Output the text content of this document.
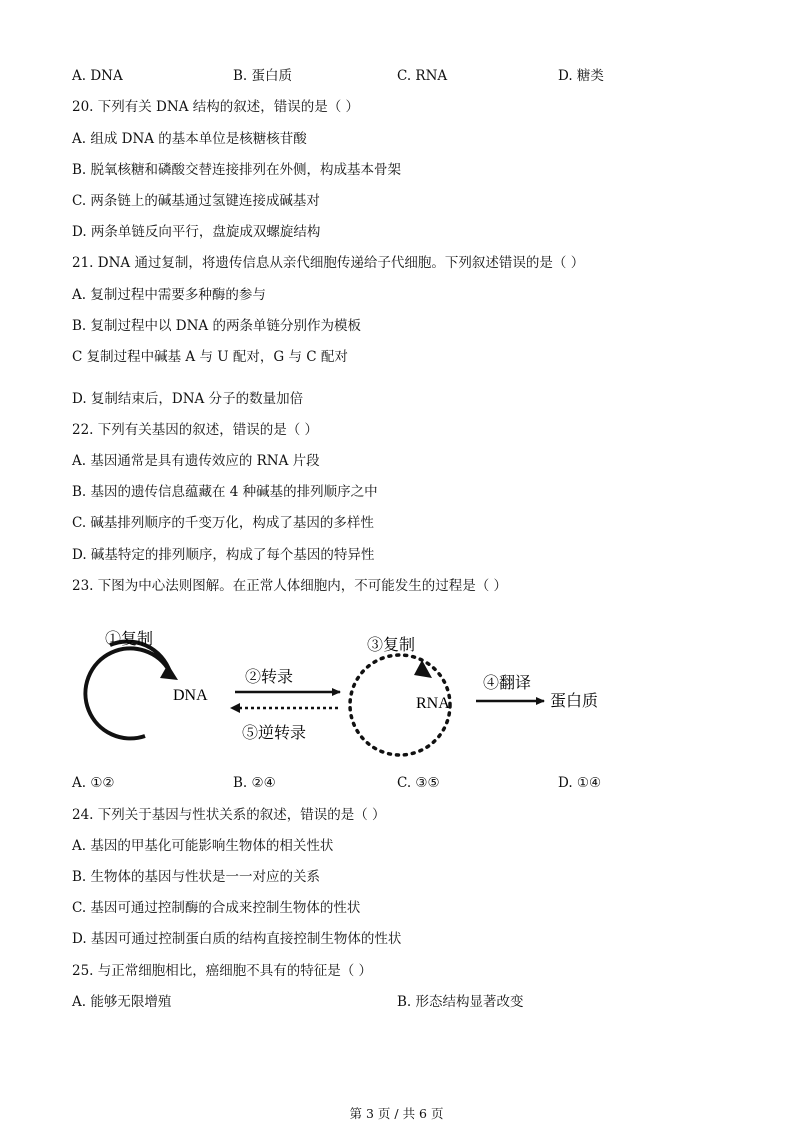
A. DNA	B. 蛋白质	C. RNA	D. 糖类
20. 下列有关 DNA 结构的叙述，错误的是（ ）
A. 组成 DNA 的基本单位是核糖核苷酸
B. 脱氧核糖和磷酸交替连接排列在外侧，构成基本骨架
C. 两条链上的碱基通过氢键连接成碱基对
D. 两条单链反向平行，盘旋成双螺旋结构
21. DNA 通过复制，将遗传信息从亲代细胞传递给子代细胞。下列叙述错误的是（ ）
A. 复制过程中需要多种酶的参与
B. 复制过程中以 DNA 的两条单链分别作为模板
C 复制过程中碱基 A 与 U 配对，G 与 C 配对
D. 复制结束后，DNA 分子的数量加倍
22. 下列有关基因的叙述，错误的是（ ）
A. 基因通常是具有遗传效应的 RNA 片段
B. 基因的遗传信息蕴藏在 4 种碱基的排列顺序之中
C. 碱基排列顺序的千变万化，构成了基因的多样性
D. 碱基特定的排列顺序，构成了每个基因的特异性
23. 下图为中心法则图解。在正常人体细胞内，不可能发生的过程是（ ）
①复制
DNA
②转录
⑤逆转录
③复制
RNA
④翻译
蛋白质
A. ①②	B. ②④	C. ③⑤	D. ①④
24. 下列关于基因与性状关系的叙述，错误的是（ ）
A. 基因的甲基化可能影响生物体的相关性状
B. 生物体的基因与性状是一一对应的关系
C. 基因可通过控制酶的合成来控制生物体的性状
D. 基因可通过控制蛋白质的结构直接控制生物体的性状
25. 与正常细胞相比，癌细胞不具有的特征是（ ）
A. 能够无限增殖	B. 形态结构显著改变
第 3 页 / 共 6 页
